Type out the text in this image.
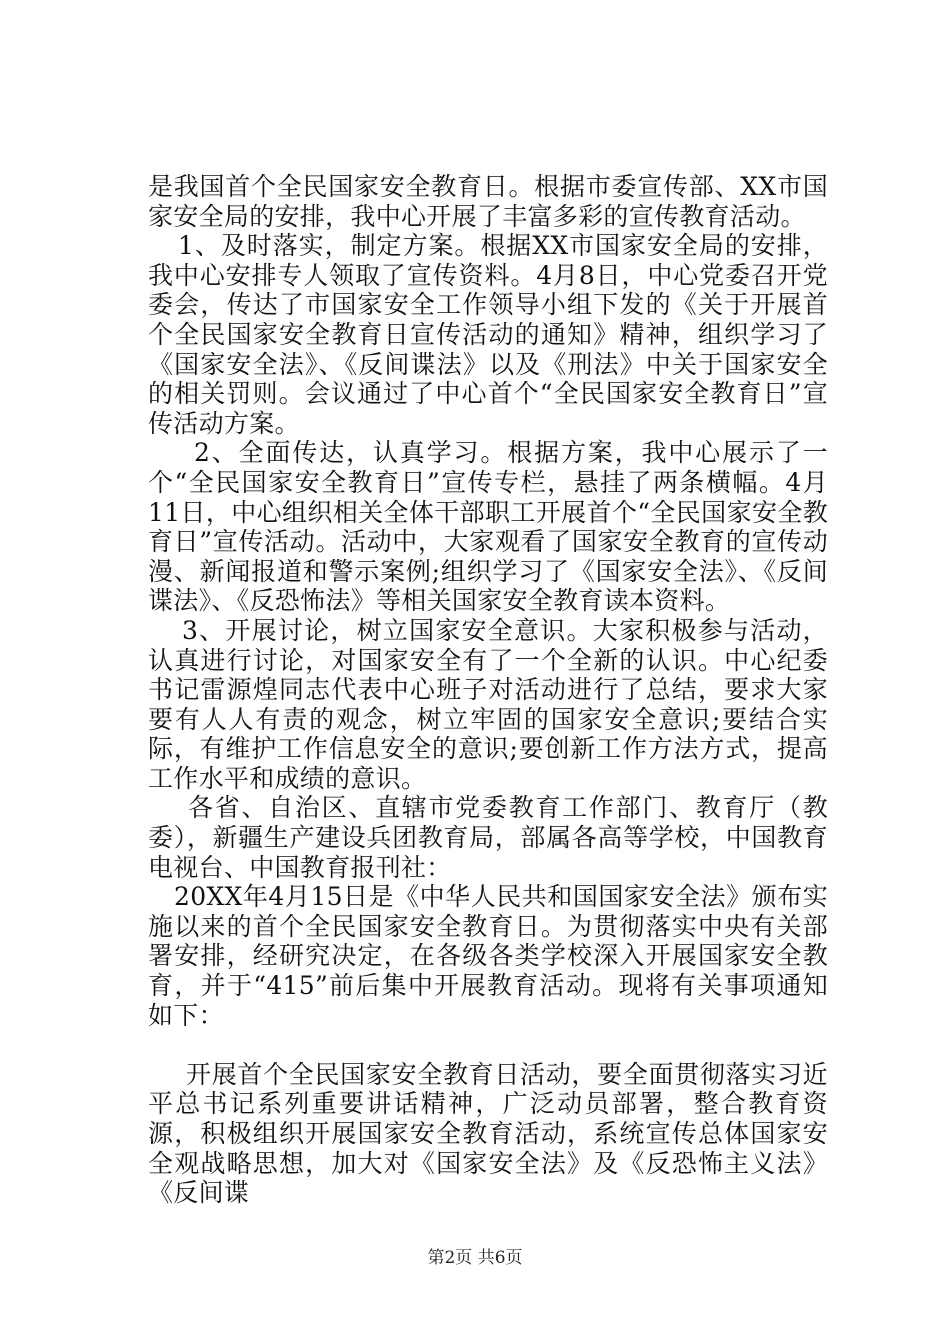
是我国首个全民国家安全教育日。根据市委宣传部、XX市国家安全局的安排，我中心开展了丰富多彩的宣传教育活动。

1、及时落实，制定方案。根据XX市国家安全局的安排，我中心安排专人领取了宣传资料。4月8日，中心党委召开党委会，传达了市国家安全工作领导小组下发的《关于开展首个全民国家安全教育日宣传活动的通知》精神，组织学习了《国家安全法》、《反间谍法》以及《刑法》中关于国家安全的相关罚则。会议通过了中心首个“全民国家安全教育日”宣传活动方案。

2、全面传达，认真学习。根据方案，我中心展示了一个“全民国家安全教育日”宣传专栏，悬挂了两条横幅。4月11日，中心组织相关全体干部职工开展首个“全民国家安全教育日”宣传活动。活动中，大家观看了国家安全教育的宣传动漫、新闻报道和警示案例;组织学习了《国家安全法》、《反间谍法》、《反恐怖法》等相关国家安全教育读本资料。

3、开展讨论，树立国家安全意识。大家积极参与活动，认真进行讨论，对国家安全有了一个全新的认识。中心纪委书记雷源煌同志代表中心班子对活动进行了总结，要求大家要有人人有责的观念，树立牢固的国家安全意识;要结合实际，有维护工作信息安全的意识;要创新工作方法方式，提高工作水平和成绩的意识。

各省、自治区、直辖市党委教育工作部门、教育厅（教委），新疆生产建设兵团教育局，部属各高等学校，中国教育电视台、中国教育报刊社：

20XX年4月15日是《中华人民共和国国家安全法》颁布实施以来的首个全民国家安全教育日。为贯彻落实中央有关部署安排，经研究决定，在各级各类学校深入开展国家安全教育，并于“415”前后集中开展教育活动。现将有关事项通知如下：

开展首个全民国家安全教育日活动，要全面贯彻落实习近平总书记系列重要讲话精神，广泛动员部署，整合教育资源，积极组织开展国家安全教育活动，系统宣传总体国家安全观战略思想，加大对《国家安全法》及《反恐怖主义法》《反间谍

第2页 共6页
